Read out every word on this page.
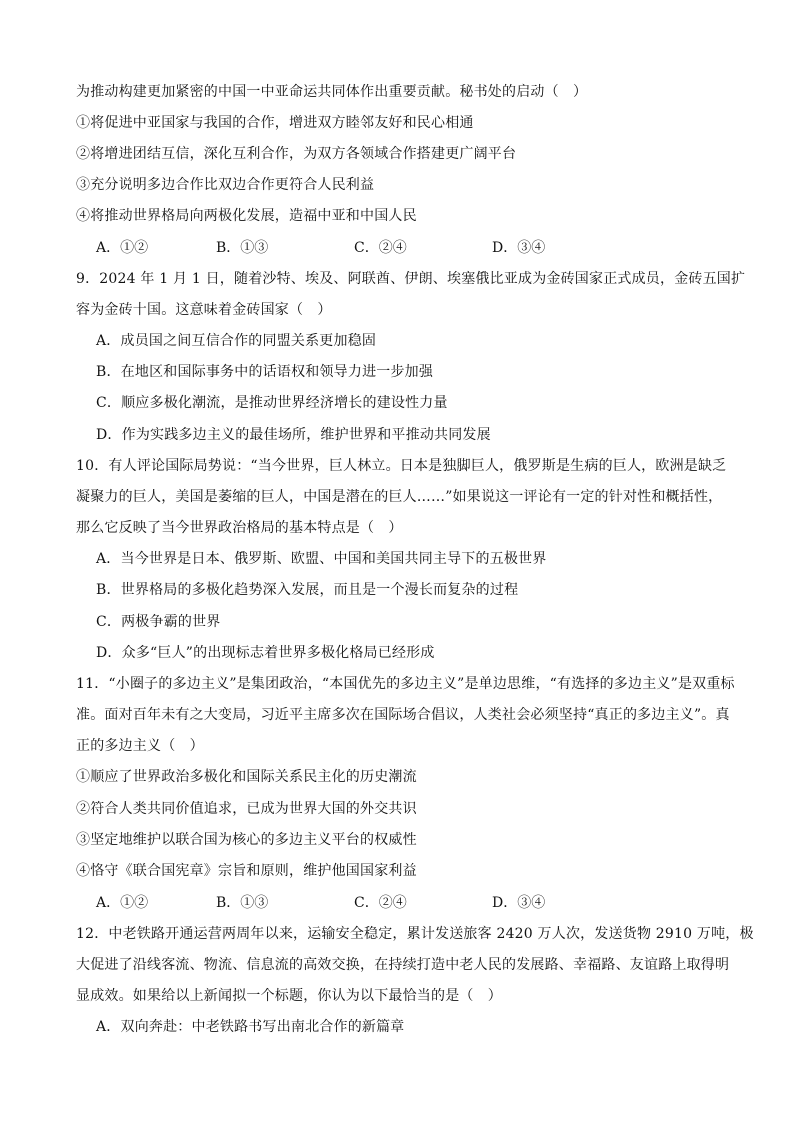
为推动构建更加紧密的中国一中亚命运共同体作出重要贡献。秘书处的启动（　）
①将促进中亚国家与我国的合作，增进双方睦邻友好和民心相通
②将增进团结互信，深化互利合作，为双方各领域合作搭建更广阔平台
③充分说明多边合作比双边合作更符合人民利益
④将推动世界格局向两极化发展，造福中亚和中国人民
A．①②	B．①③	C．②④	D．③④
9．2024 年 1 月 1 日，随着沙特、埃及、阿联酋、伊朗、埃塞俄比亚成为金砖国家正式成员，金砖五国扩
容为金砖十国。这意味着金砖国家（　）
A．成员国之间互信合作的同盟关系更加稳固
B．在地区和国际事务中的话语权和领导力进一步加强
C．顺应多极化潮流，是推动世界经济增长的建设性力量
D．作为实践多边主义的最佳场所，维护世界和平推动共同发展
10．有人评论国际局势说：“当今世界，巨人林立。日本是独脚巨人，俄罗斯是生病的巨人，欧洲是缺乏
凝聚力的巨人，美国是萎缩的巨人，中国是潜在的巨人……”如果说这一评论有一定的针对性和概括性，
那么它反映了当今世界政治格局的基本特点是（　）
A．当今世界是日本、俄罗斯、欧盟、中国和美国共同主导下的五极世界
B．世界格局的多极化趋势深入发展，而且是一个漫长而复杂的过程
C．两极争霸的世界
D．众多“巨人”的出现标志着世界多极化格局已经形成
11．“小圈子的多边主义”是集团政治，“本国优先的多边主义”是单边思维，“有选择的多边主义”是双重标
准。面对百年未有之大变局，习近平主席多次在国际场合倡议，人类社会必须坚持“真正的多边主义”。真
正的多边主义（　）
①顺应了世界政治多极化和国际关系民主化的历史潮流
②符合人类共同价值追求，已成为世界大国的外交共识
③坚定地维护以联合国为核心的多边主义平台的权威性
④恪守《联合国宪章》宗旨和原则，维护他国国家利益
A．①②	B．①③	C．②④	D．③④
12．中老铁路开通运营两周年以来，运输安全稳定，累计发送旅客 2420 万人次，发送货物 2910 万吨，极
大促进了沿线客流、物流、信息流的高效交换，在持续打造中老人民的发展路、幸福路、友谊路上取得明
显成效。如果给以上新闻拟一个标题，你认为以下最恰当的是（　）
A．双向奔赴：中老铁路书写出南北合作的新篇章
